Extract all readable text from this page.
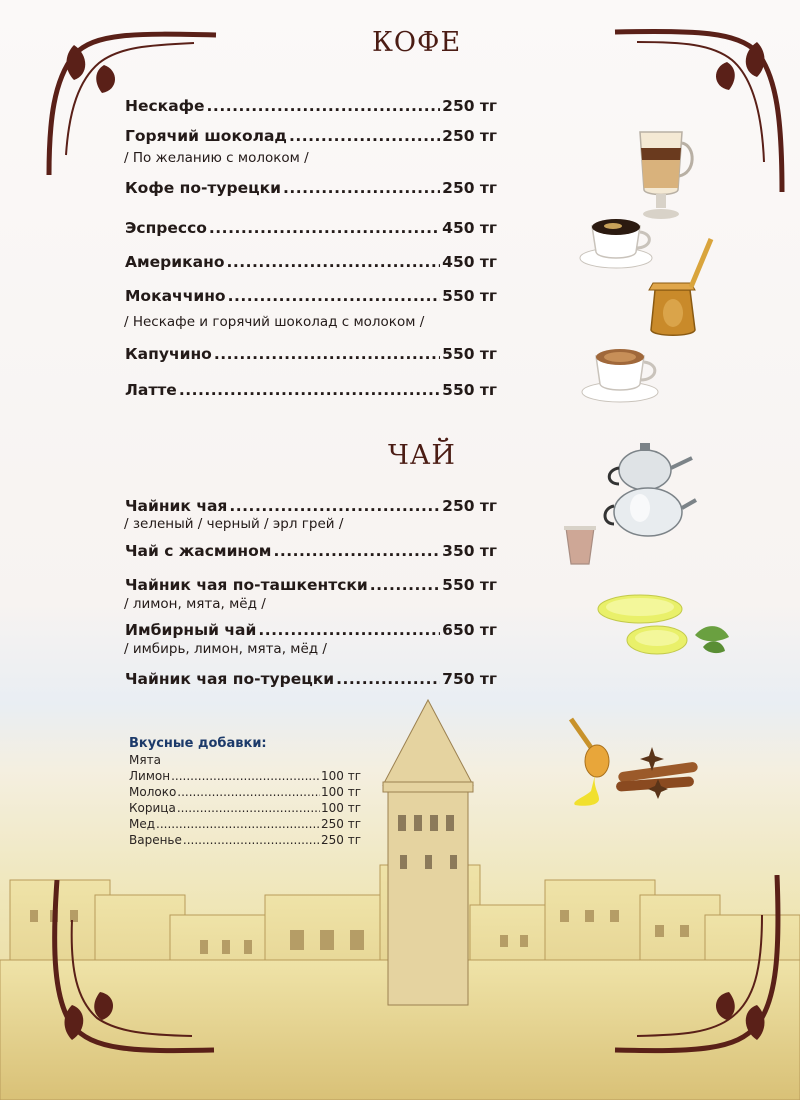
КОФЕ
ЧАЙ
Нескафе .....	250 тг
Горячий шоколад .....	250 тг
/ По желанию с молоком /
Кофе по-турецки .....	250 тг
Эспрессо .....	450 тг
Американо .....	450 тг
Мокаччино .....	550 тг
/ Нескафе и горячий шоколад с молоком /
Капучино .....	550 тг
Латте .....	550 тг
Чайник чая .....	250 тг
/ зеленый / черный / эрл грей /
Чай с жасмином .....	350 тг
Чайник чая по-ташкентски .....	550 тг
/ лимон, мята, мёд /
Имбирный чай .....	650 тг
/ имбирь, лимон, мята, мёд /
Чайник чая по-турецки .....	750 тг
Вкусные добавки:
Мята
Лимон .....	100 тг
Молоко .....	100 тг
Корица .....	100 тг
Мед .....	250 тг
Варенье .....	250 тг
